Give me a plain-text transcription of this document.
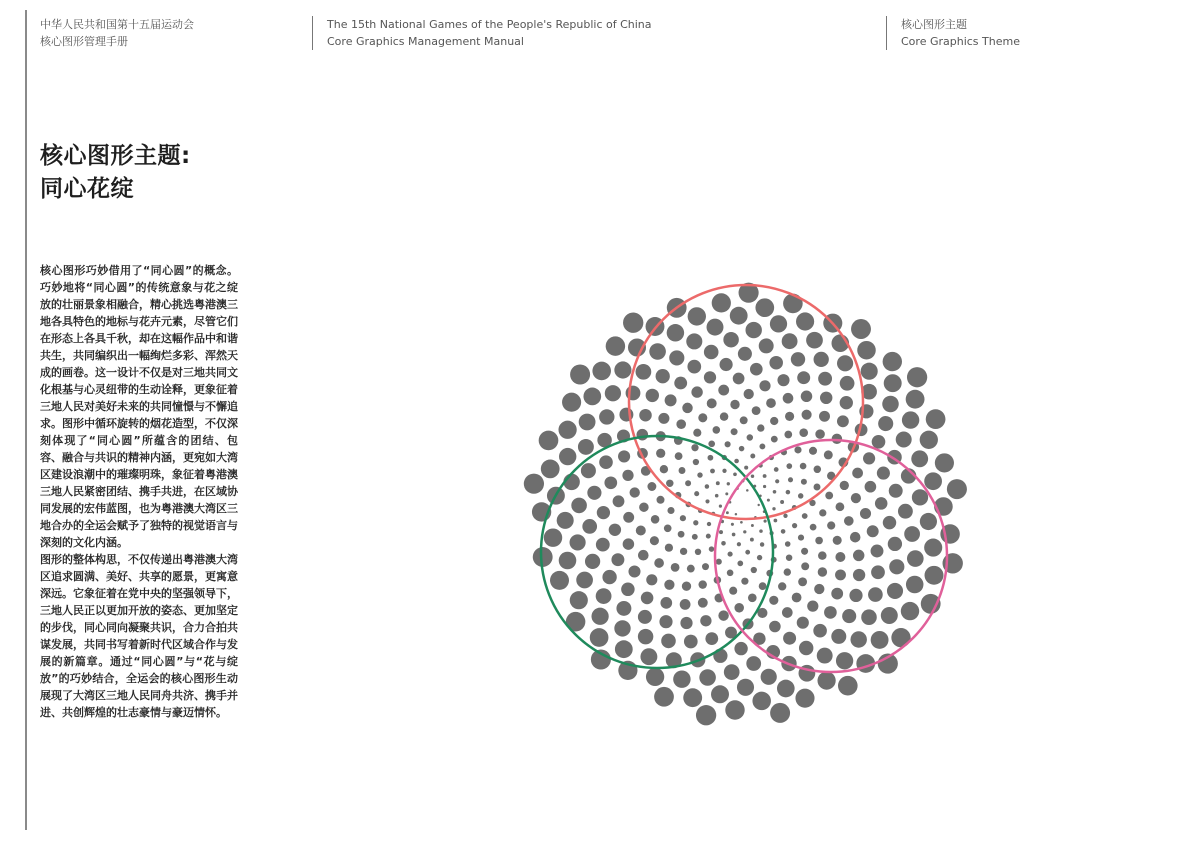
中华人民共和国第十五届运动会
核心图形管理手册
The 15th National Games of the People's Republic of China
Core Graphics Management Manual
核心图形主题
Core Graphics Theme
核心图形主题:
同心花绽

核心图形巧妙借用了“同心圆”的概念。巧妙地将“同心圆”的传统意象与花之绽放的壮丽景象相融合，精心挑选粤港澳三地各具特色的地标与花卉元素，尽管它们在形态上各具千秋，却在这幅作品中和谐共生，共同编织出一幅绚烂多彩、浑然天成的画卷。这一设计不仅是对三地共同文化根基与心灵纽带的生动诠释，更象征着三地人民对美好未来的共同憧憬与不懈追求。图形中循环旋转的烟花造型，不仅深刻体现了“同心圆”所蕴含的团结、包容、融合与共识的精神内涵，更宛如大湾区建设浪潮中的璀璨明珠，象征着粤港澳三地人民紧密团结、携手共进，在区域协同发展的宏伟蓝图，也为粤港澳大湾区三地合办的全运会赋予了独特的视觉语言与深刻的文化内涵。

图形的整体构思，不仅传递出粤港澳大湾区追求圆满、美好、共享的愿景，更寓意深远。它象征着在党中央的坚强领导下，三地人民正以更加开放的姿态、更加坚定的步伐，同心同向凝聚共识，合力合拍共谋发展，共同书写着新时代区域合作与发展的新篇章。通过“同心圆”与“花与绽放”的巧妙结合，全运会的核心图形生动展现了大湾区三地人民同舟共济、携手并进、共创辉煌的壮志豪情与豪迈情怀。
